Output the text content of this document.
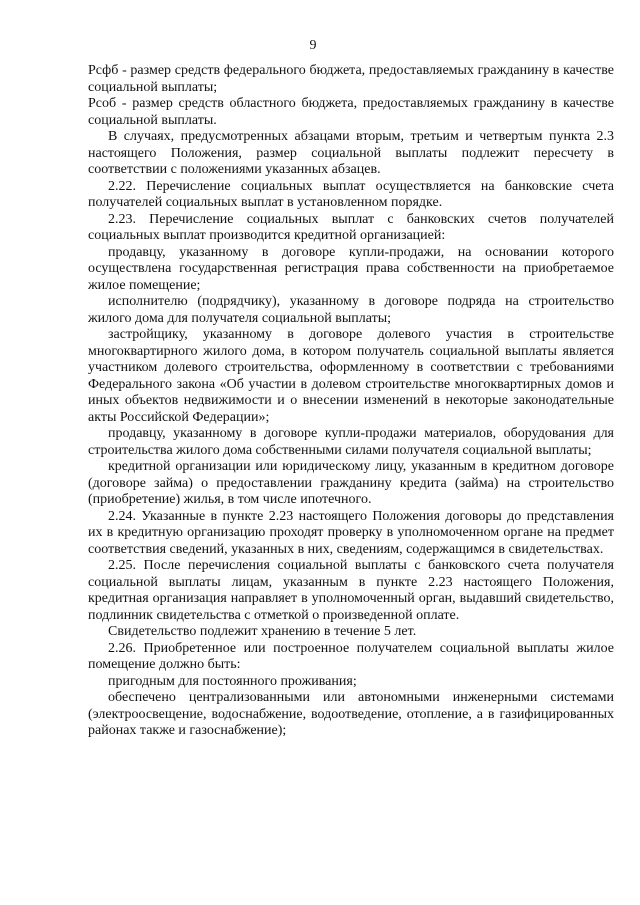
9

Рсфб - размер средств федерального бюджета, предоставляемых гражданину в качестве социальной выплаты;

Рсоб - размер средств областного бюджета, предоставляемых гражданину в качестве социальной выплаты.

В случаях, предусмотренных абзацами вторым, третьим и четвертым пункта 2.3 настоящего Положения, размер социальной выплаты подлежит пересчету в соответствии с положениями указанных абзацев.

2.22. Перечисление социальных выплат осуществляется на банковские счета получателей социальных выплат в установленном порядке.

2.23. Перечисление социальных выплат с банковских счетов получателей социальных выплат производится кредитной организацией:

продавцу, указанному в договоре купли-продажи, на основании которого осуществлена государственная регистрация права собственности на приобретаемое жилое помещение;

исполнителю (подрядчику), указанному в договоре подряда на строительство жилого дома для получателя социальной выплаты;

застройщику, указанному в договоре долевого участия в строительстве многоквартирного жилого дома, в котором получатель социальной выплаты является участником долевого строительства, оформленному в соответствии с требованиями Федерального закона «Об участии в долевом строительстве многоквартирных домов и иных объектов недвижимости и о внесении изменений в некоторые законодательные акты Российской Федерации»;

продавцу, указанному в договоре купли-продажи материалов, оборудования для строительства жилого дома собственными силами получателя социальной выплаты;

кредитной организации или юридическому лицу, указанным в кредитном договоре (договоре займа) о предоставлении гражданину кредита (займа) на строительство (приобретение) жилья, в том числе ипотечного.

2.24. Указанные в пункте 2.23 настоящего Положения договоры до представления их в кредитную организацию проходят проверку в уполномоченном органе на предмет соответствия сведений, указанных в них, сведениям, содержащимся в свидетельствах.

2.25. После перечисления социальной выплаты с банковского счета получателя социальной выплаты лицам, указанным в пункте 2.23 настоящего Положения, кредитная организация направляет в уполномоченный орган, выдавший свидетельство, подлинник свидетельства с отметкой о произведенной оплате.

Свидетельство подлежит хранению в течение 5 лет.

2.26. Приобретенное или построенное получателем социальной выплаты жилое помещение должно быть:

пригодным для постоянного проживания;

обеспечено централизованными или автономными инженерными системами (электроосвещение, водоснабжение, водоотведение, отопление, а в газифицированных районах также и газоснабжение);
